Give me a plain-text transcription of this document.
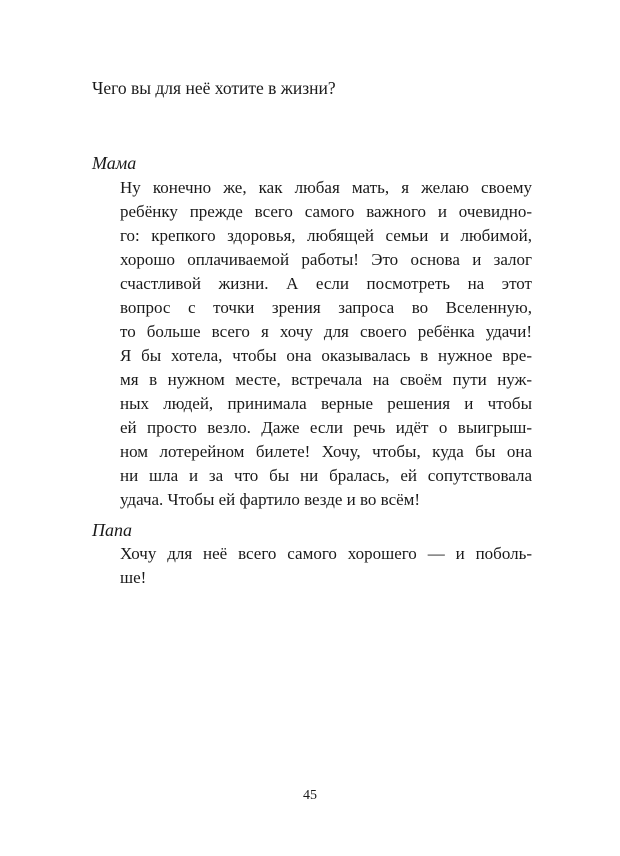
Чего вы для неё хотите в жизни?
Мама
Ну конечно же, как любая мать, я желаю своему
ребёнку прежде всего самого важного и очевидно-
го: крепкого здоровья, любящей семьи и любимой,
хорошо оплачиваемой работы! Это основа и залог
счастливой жизни. А если посмотреть на этот
вопрос с точки зрения запроса во Вселенную,
то больше всего я хочу для своего ребёнка удачи!
Я бы хотела, чтобы она оказывалась в нужное вре-
мя в нужном месте, встречала на своём пути нуж-
ных людей, принимала верные решения и чтобы
ей просто везло. Даже если речь идёт о выигрыш-
ном лотерейном билете! Хочу, чтобы, куда бы она
ни шла и за что бы ни бралась, ей сопутствовала
удача. Чтобы ей фартило везде и во всём!
Папа
Хочу для неё всего самого хорошего — и поболь-
ше!
45
